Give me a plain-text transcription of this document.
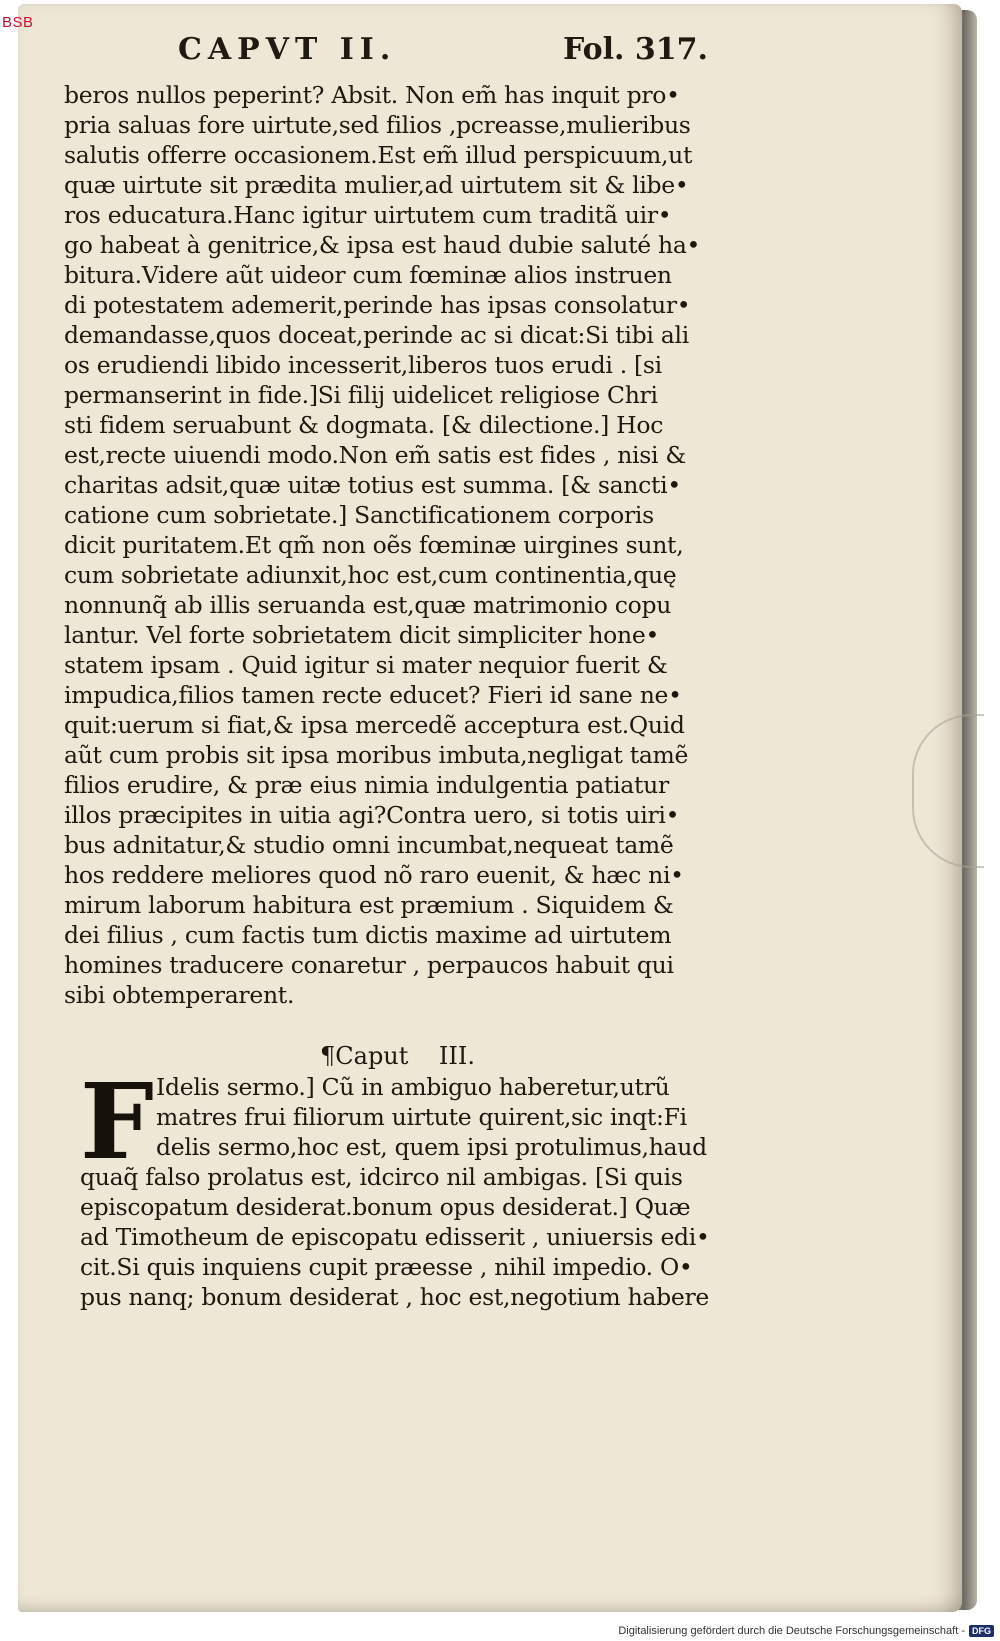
BSB
CAPVT II.	Fol. 317.
beros nullos peperint? Absit. Non em̃ has inquit pro•
pria saluas fore uirtute,sed filios ,pcreasse,mulieribus
salutis offerre occasionem.Est em̃ illud perspicuum,ut
quæ uirtute sit prædita mulier,ad uirtutem sit & libe•
ros educatura.Hanc igitur uirtutem cum traditã uir•
go habeat à genitrice,& ipsa est haud dubie saluté ha•
bitura.Videre aũt uideor cum fœminæ alios instruen
di potestatem ademerit,perinde has ipsas consolatur•
demandasse,quos doceat,perinde ac si dicat:Si tibi ali
os erudiendi libido incesserit,liberos tuos erudi . [si
permanserint in fide.]Si filij uidelicet religiose Chri
sti fidem seruabunt & dogmata. [& dilectione.] Hoc
est,recte uiuendi modo.Non em̃ satis est fides , nisi &
charitas adsit,quæ uitæ totius est summa. [& sancti•
catione cum sobrietate.] Sanctificationem corporis
dicit puritatem.Et qm̃ non oẽs fœminæ uirgines sunt,
cum sobrietate adiunxit,hoc est,cum continentia,quę
nonnunq̃ ab illis seruanda est,quæ matrimonio copu
lantur. Vel forte sobrietatem dicit simpliciter hone•
statem ipsam . Quid igitur si mater nequior fuerit &
impudica,filios tamen recte educet? Fieri id sane ne•
quit:uerum si fiat,& ipsa mercedẽ acceptura est.Quid
aũt cum probis sit ipsa moribus imbuta,negligat tamẽ
filios erudire, & præ eius nimia indulgentia patiatur
illos præcipites in uitia agi?Contra uero, si totis uiri•
bus adnitatur,& studio omni incumbat,nequeat tamẽ
hos reddere meliores quod nõ raro euenit, & hæc ni•
mirum laborum habitura est præmium . Siquidem &
dei filius , cum factis tum dictis maxime ad uirtutem
homines traducere conaretur , perpaucos habuit qui
sibi obtemperarent.
¶Caput    III.
F Idelis sermo.] Cũ in ambiguo haberetur,utrũ
matres frui filiorum uirtute quirent,sic inqt:Fi
delis sermo,hoc est, quem ipsi protulimus,haud
quaq̃ falso prolatus est, idcirco nil ambigas. [Si quis
episcopatum desiderat.bonum opus desiderat.] Quæ
ad Timotheum de episcopatu edisserit , uniuersis edi•
cit.Si quis inquiens cupit præesse , nihil impedio. O•
pus nanq; bonum desiderat , hoc est,negotium habere
Digitalisierung gefördert durch die Deutsche Forschungsgemeinschaft - DFG
